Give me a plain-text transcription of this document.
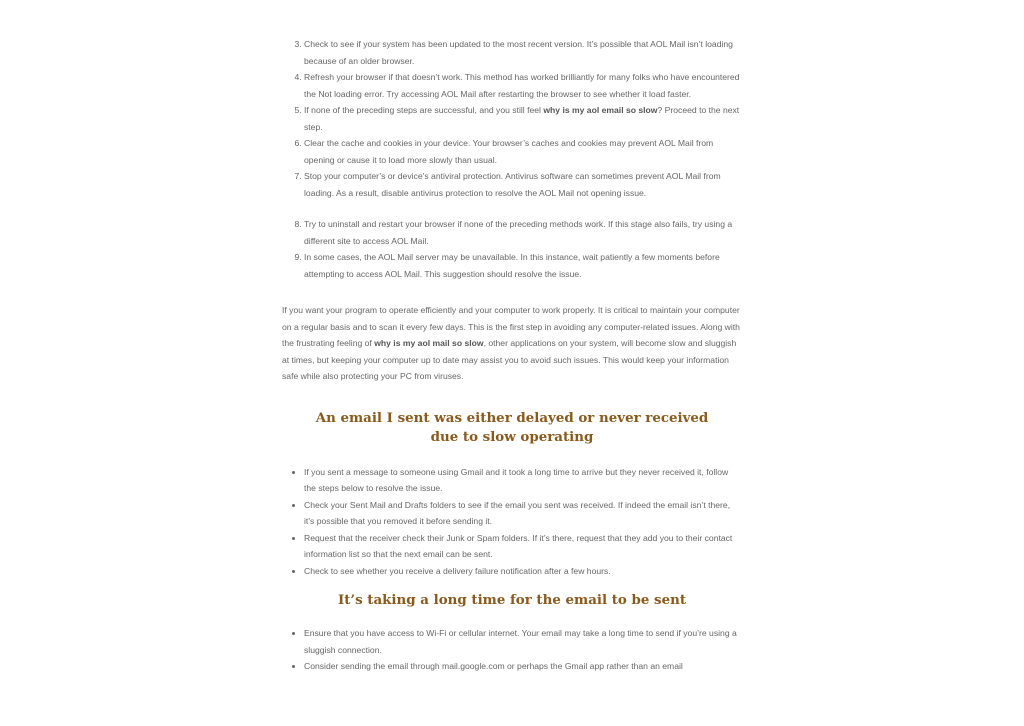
3. Check to see if your system has been updated to the most recent version. It’s possible that AOL Mail isn’t loading because of an older browser.
4. Refresh your browser if that doesn’t work. This method has worked brilliantly for many folks who have encountered the Not loading error. Try accessing AOL Mail after restarting the browser to see whether it load faster.
5. If none of the preceding steps are successful, and you still feel why is my aol email so slow? Proceed to the next step.
6. Clear the cache and cookies in your device. Your browser’s caches and cookies may prevent AOL Mail from opening or cause it to load more slowly than usual.
7. Stop your computer’s or device’s antiviral protection. Antivirus software can sometimes prevent AOL Mail from loading. As a result, disable antivirus protection to resolve the AOL Mail not opening issue.
8. Try to uninstall and restart your browser if none of the preceding methods work. If this stage also fails, try using a different site to access AOL Mail.
9. In some cases, the AOL Mail server may be unavailable. In this instance, wait patiently a few moments before attempting to access AOL Mail. This suggestion should resolve the issue.

If you want your program to operate efficiently and your computer to work properly. It is critical to maintain your computer on a regular basis and to scan it every few days. This is the first step in avoiding any computer-related issues. Along with the frustrating feeling of why is my aol mail so slow, other applications on your system, will become slow and sluggish at times, but keeping your computer up to date may assist you to avoid such issues. This would keep your information safe while also protecting your PC from viruses.

An email I sent was either delayed or never received due to slow operating
• If you sent a message to someone using Gmail and it took a long time to arrive but they never received it, follow the steps below to resolve the issue.
• Check your Sent Mail and Drafts folders to see if the email you sent was received. If indeed the email isn’t there, it’s possible that you removed it before sending it.
• Request that the receiver check their Junk or Spam folders. If it’s there, request that they add you to their contact information list so that the next email can be sent.
• Check to see whether you receive a delivery failure notification after a few hours.
It’s taking a long time for the email to be sent
• Ensure that you have access to Wi-Fi or cellular internet. Your email may take a long time to send if you’re using a sluggish connection.
• Consider sending the email through mail.google.com or perhaps the Gmail app rather than an email
